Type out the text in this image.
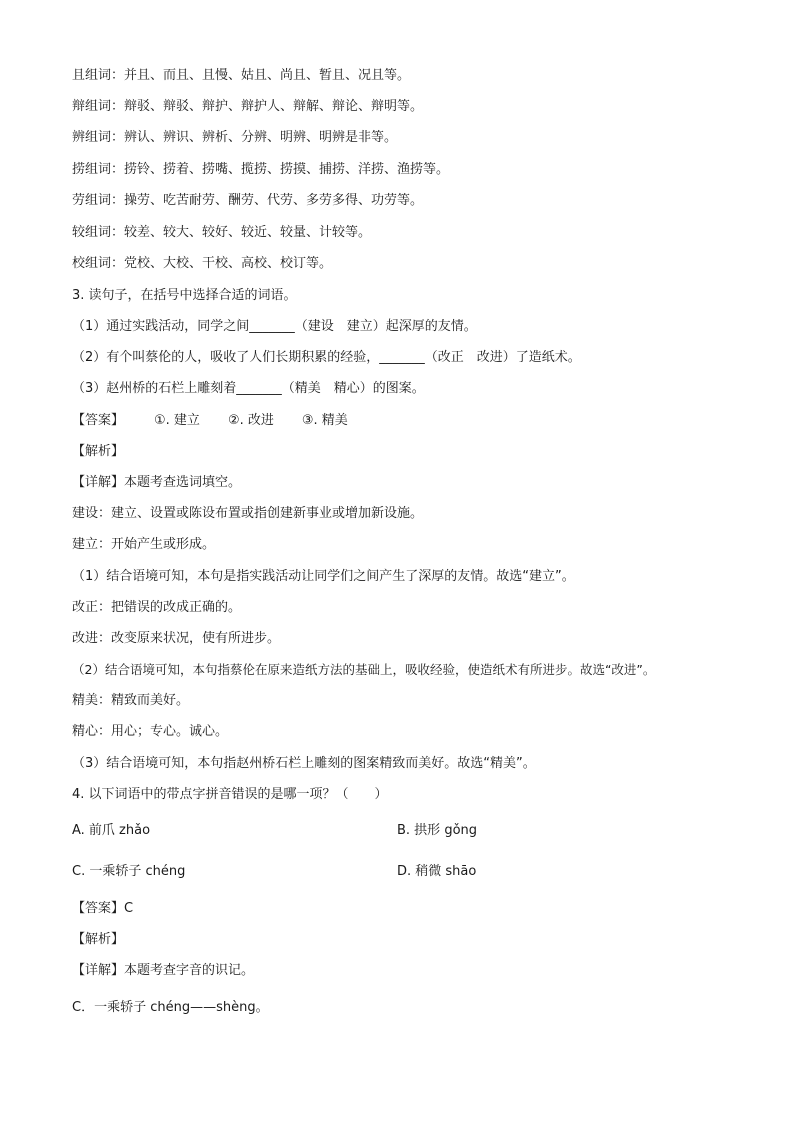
且组词：并且、而且、且慢、姑且、尚且、暂且、况且等。
辩组词：辩驳、辩驳、辩护、辩护人、辩解、辩论、辩明等。
辨组词：辨认、辨识、辨析、分辨、明辨、明辨是非等。
捞组词：捞铃、捞着、捞嘴、揽捞、捞摸、捕捞、洋捞、渔捞等。
劳组词：操劳、吃苦耐劳、酬劳、代劳、多劳多得、功劳等。
较组词：较差、较大、较好、较近、较量、计较等。
校组词：党校、大校、干校、高校、校订等。
3. 读句子，在括号中选择合适的词语。
（1）通过实践活动，同学之间_______（建设　建立）起深厚的友情。
（2）有个叫蔡伦的人，吸收了人们长期积累的经验，_______（改正　改进）了造纸术。
（3）赵州桥的石栏上雕刻着_______（精美　精心）的图案。
【答案】 ①. 建立 ②. 改进 ③. 精美
【解析】
【详解】本题考查选词填空。
建设：建立、设置或陈设布置或指创建新事业或增加新设施。
建立：开始产生或形成。
（1）结合语境可知，本句是指实践活动让同学们之间产生了深厚的友情。故选“建立”。
改正：把错误的改成正确的。
改进：改变原来状况，使有所进步。
（2）结合语境可知，本句指蔡伦在原来造纸方法的基础上，吸收经验，使造纸术有所进步。故选“改进”。
精美：精致而美好。
精心：用心；专心。诚心。
（3）结合语境可知，本句指赵州桥石栏上雕刻的图案精致而美好。故选“精美”。
4. 以下词语中的带点字拼音错误的是哪一项？（　　）
A. 前爪 zhǎo	B. 拱形 gǒng
C. 一乘轿子 chéng	D. 稍微 shāo
【答案】C
【解析】
【详解】本题考查字音的识记。
C．一乘轿子 chéng——shèng。
